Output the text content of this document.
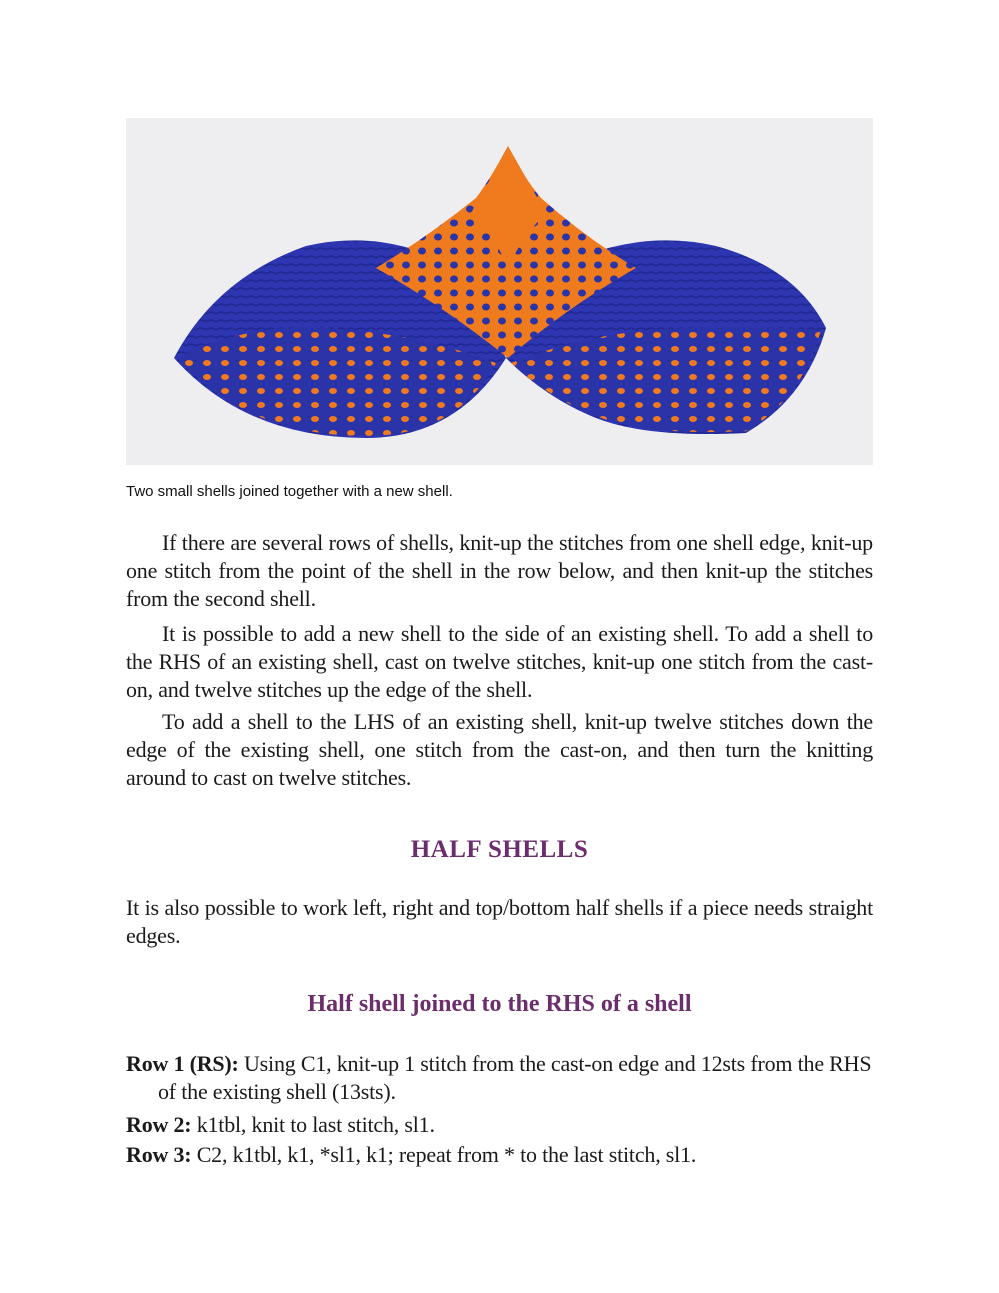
Two small shells joined together with a new shell.

If there are several rows of shells, knit-up the stitches from one shell edge, knit-up one stitch from the point of the shell in the row below, and then knit-up the stitches from the second shell.

It is possible to add a new shell to the side of an existing shell. To add a shell to the RHS of an existing shell, cast on twelve stitches, knit-up one stitch from the cast-on, and twelve stitches up the edge of the shell.

To add a shell to the LHS of an existing shell, knit-up twelve stitches down the edge of the existing shell, one stitch from the cast-on, and then turn the knitting around to cast on twelve stitches.

HALF SHELLS

It is also possible to work left, right and top/bottom half shells if a piece needs straight edges.

Half shell joined to the RHS of a shell

Row 1 (RS): Using C1, knit-up 1 stitch from the cast-on edge and 12sts from the RHS of the existing shell (13sts).

Row 2: k1tbl, knit to last stitch, sl1.

Row 3: C2, k1tbl, k1, *sl1, k1; repeat from * to the last stitch, sl1.
